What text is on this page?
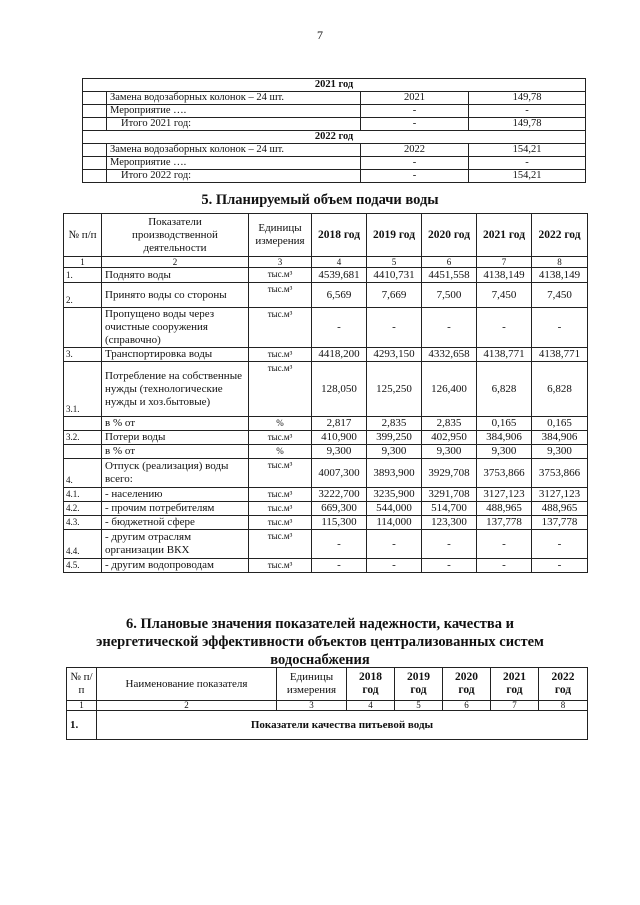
7
2021 год			
	Замена водозаборных колонок – 24 шт.	2021	149,78
	Мероприятие ….	-	-
	Итого 2021 год:	-	149,78
2022 год			
	Замена водозаборных колонок – 24 шт.	2022	154,21
	Мероприятие ….	-	-
	Итого 2022 год:	-	154,21
5. Планируемый объем подачи воды
№ п/п	Показатели производственной деятельности	Единицы измерения	2018 год	2019 год	2020 год	2021 год	2022 год
1	2	3	4	5	6	7	8
1.	Поднято воды	тыс.м³	4539,681	4410,731	4451,558	4138,149	4138,149
2.	Принято воды со стороны	тыс.м³	6,569	7,669	7,500	7,450	7,450
	Пропущено воды через очистные сооружения (справочно)	тыс.м³	-	-	-	-	-
3.	Транспортировка воды	тыс.м³	4418,200	4293,150	4332,658	4138,771	4138,771
3.1.	Потребление на собственные нужды (технологические нужды и хоз.бытовые)	тыс.м³	128,050	125,250	126,400	6,828	6,828
	в % от	%	2,817	2,835	2,835	0,165	0,165
3.2.	Потери воды	тыс.м³	410,900	399,250	402,950	384,906	384,906
	в % от	%	9,300	9,300	9,300	9,300	9,300
4.	Отпуск (реализация) воды всего:	тыс.м³	4007,300	3893,900	3929,708	3753,866	3753,866
4.1.	- населению	тыс.м³	3222,700	3235,900	3291,708	3127,123	3127,123
4.2.	- прочим потребителям	тыс.м³	669,300	544,000	514,700	488,965	488,965
4.3.	- бюджетной сфере	тыс.м³	115,300	114,000	123,300	137,778	137,778
4.4.	- другим отраслям организации ВКХ	тыс.м³	-	-	-	-	-
4.5.	- другим водопроводам	тыс.м³	-	-	-	-	-
6. Плановые значения показателей надежности, качества и
энергетической эффективности объектов централизованных систем
водоснабжения
№ п/п	Наименование показателя	Единицы измерения	2018 год	2019 год	2020 год	2021 год	2022 год
1	2	3	4	5	6	7	8
1.	Показатели качества питьевой воды						
